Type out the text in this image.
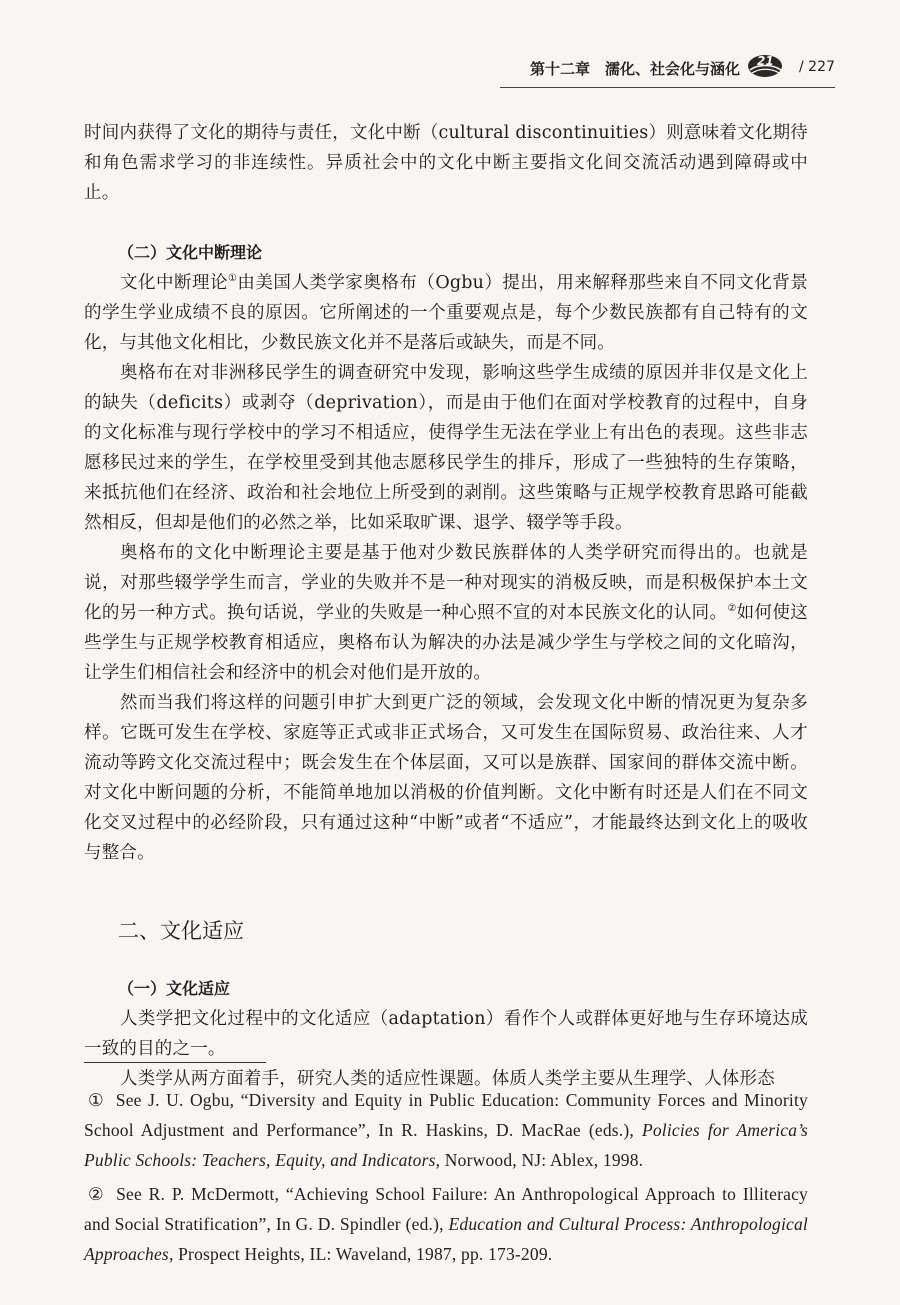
第十二章　濡化、社会化与涵化 21 / 227

时间内获得了文化的期待与责任，文化中断（cultural discontinuities）则意味着文化期待和角色需求学习的非连续性。异质社会中的文化中断主要指文化间交流活动遇到障碍或中止。

（二）文化中断理论

文化中断理论①由美国人类学家奥格布（Ogbu）提出，用来解释那些来自不同文化背景的学生学业成绩不良的原因。它所阐述的一个重要观点是，每个少数民族都有自己特有的文化，与其他文化相比，少数民族文化并不是落后或缺失，而是不同。

奥格布在对非洲移民学生的调查研究中发现，影响这些学生成绩的原因并非仅是文化上的缺失（deficits）或剥夺（deprivation），而是由于他们在面对学校教育的过程中，自身的文化标准与现行学校中的学习不相适应，使得学生无法在学业上有出色的表现。这些非志愿移民过来的学生，在学校里受到其他志愿移民学生的排斥，形成了一些独特的生存策略，来抵抗他们在经济、政治和社会地位上所受到的剥削。这些策略与正规学校教育思路可能截然相反，但却是他们的必然之举，比如采取旷课、退学、辍学等手段。

奥格布的文化中断理论主要是基于他对少数民族群体的人类学研究而得出的。也就是说，对那些辍学学生而言，学业的失败并不是一种对现实的消极反映，而是积极保护本土文化的另一种方式。换句话说，学业的失败是一种心照不宣的对本民族文化的认同。②如何使这些学生与正规学校教育相适应，奥格布认为解决的办法是减少学生与学校之间的文化暗沟，让学生们相信社会和经济中的机会对他们是开放的。

然而当我们将这样的问题引申扩大到更广泛的领域，会发现文化中断的情况更为复杂多样。它既可发生在学校、家庭等正式或非正式场合，又可发生在国际贸易、政治往来、人才流动等跨文化交流过程中；既会发生在个体层面，又可以是族群、国家间的群体交流中断。对文化中断问题的分析，不能简单地加以消极的价值判断。文化中断有时还是人们在不同文化交叉过程中的必经阶段，只有通过这种“中断”或者“不适应”，才能最终达到文化上的吸收与整合。

二、文化适应
（一）文化适应

人类学把文化过程中的文化适应（adaptation）看作个人或群体更好地与生存环境达成一致的目的之一。

人类学从两方面着手，研究人类的适应性课题。体质人类学主要从生理学、人体形态

① See J. U. Ogbu, “Diversity and Equity in Public Education: Community Forces and Minority School Adjustment and Performance”, In R. Haskins, D. MacRae (eds.), Policies for America’s Public Schools: Teachers, Equity, and Indicators, Norwood, NJ: Ablex, 1998.

② See R. P. McDermott, “Achieving School Failure: An Anthropological Approach to Illiteracy and Social Stratification”, In G. D. Spindler (ed.), Education and Cultural Process: Anthropological Approaches, Prospect Heights, IL: Waveland, 1987, pp. 173-209.
